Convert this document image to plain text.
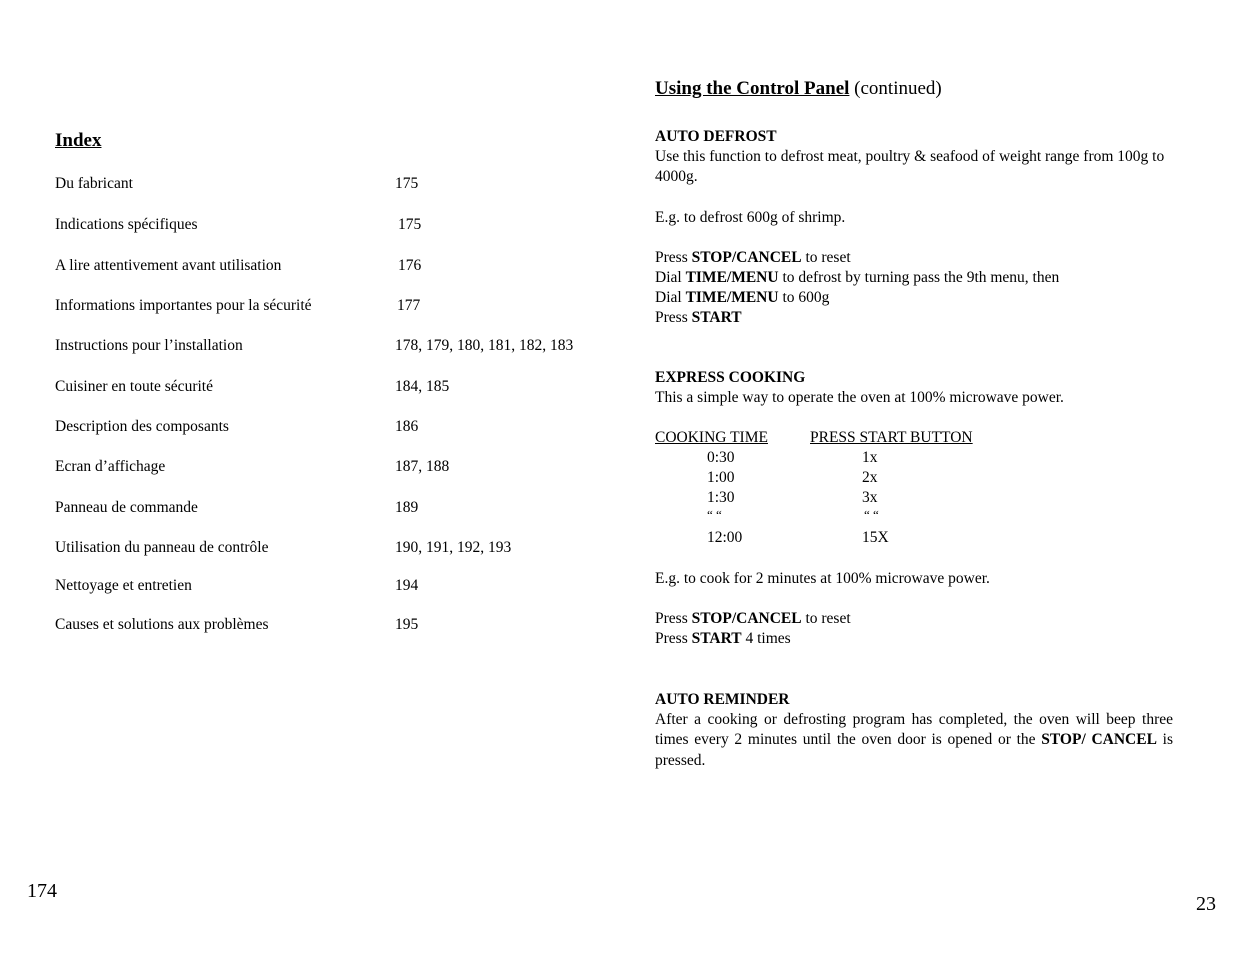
Index
Du fabricant	175
Indications spécifiques	175
A lire attentivement avant utilisation	176
Informations importantes pour la sécurité	177
Instructions pour l’installation	178, 179, 180, 181, 182, 183
Cuisiner en toute sécurité	184, 185
Description des composants	186
Ecran d’affichage	187, 188
Panneau de commande	189
Utilisation du panneau de contrôle	190, 191, 192, 193
Nettoyage et entretien	194
Causes et solutions aux problèmes	195
174
Using the Control Panel (continued)
AUTO DEFROST
Use this function to defrost meat, poultry & seafood of weight range from 100g to 4000g.
E.g. to defrost 600g of shrimp.
Press STOP/CANCEL to reset
Dial TIME/MENU to defrost by turning pass the 9th menu, then
Dial TIME/MENU to 600g
Press START
EXPRESS COOKING
This a simple way to operate the oven at 100% microwave power.
COOKING TIME	PRESS START BUTTON
0:30	1x
1:00	2x
1:30	3x
“ “	“ “
12:00	15X
E.g. to cook for 2 minutes at 100% microwave power.
Press STOP/CANCEL to reset
Press START 4 times
AUTO REMINDER
After a cooking or defrosting program has completed, the oven will beep three times every 2 minutes until the oven door is opened or the STOP/ CANCEL is pressed.
23
